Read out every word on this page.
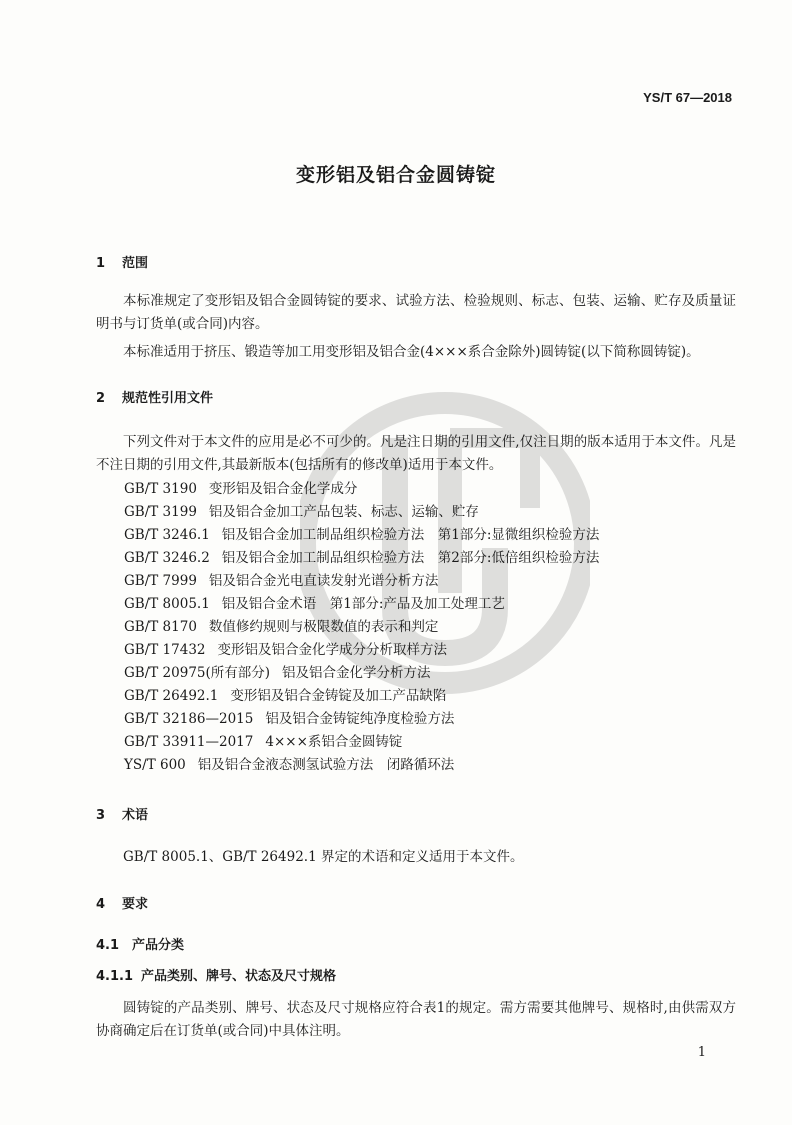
YS/T 67—2018
变形铝及铝合金圆铸锭
1 范围
本标准规定了变形铝及铝合金圆铸锭的要求、试验方法、检验规则、标志、包装、运输、贮存及质量证明书与订货单(或合同)内容。
本标准适用于挤压、锻造等加工用变形铝及铝合金(4×××系合金除外)圆铸锭(以下简称圆铸锭)。
2 规范性引用文件
下列文件对于本文件的应用是必不可少的。凡是注日期的引用文件,仅注日期的版本适用于本文件。凡是不注日期的引用文件,其最新版本(包括所有的修改单)适用于本文件。
GB/T 3190 变形铝及铝合金化学成分
GB/T 3199 铝及铝合金加工产品包装、标志、运输、贮存
GB/T 3246.1 铝及铝合金加工制品组织检验方法　第1部分:显微组织检验方法
GB/T 3246.2 铝及铝合金加工制品组织检验方法　第2部分:低倍组织检验方法
GB/T 7999 铝及铝合金光电直读发射光谱分析方法
GB/T 8005.1 铝及铝合金术语　第1部分:产品及加工处理工艺
GB/T 8170 数值修约规则与极限数值的表示和判定
GB/T 17432 变形铝及铝合金化学成分分析取样方法
GB/T 20975(所有部分) 铝及铝合金化学分析方法
GB/T 26492.1 变形铝及铝合金铸锭及加工产品缺陷
GB/T 32186—2015 铝及铝合金铸锭纯净度检验方法
GB/T 33911—2017 4×××系铝合金圆铸锭
YS/T 600 铝及铝合金液态测氢试验方法　闭路循环法
3 术语
GB/T 8005.1、GB/T 26492.1 界定的术语和定义适用于本文件。
4 要求
4.1 产品分类
4.1.1 产品类别、牌号、状态及尺寸规格
圆铸锭的产品类别、牌号、状态及尺寸规格应符合表1的规定。需方需要其他牌号、规格时,由供需双方协商确定后在订货单(或合同)中具体注明。
1
